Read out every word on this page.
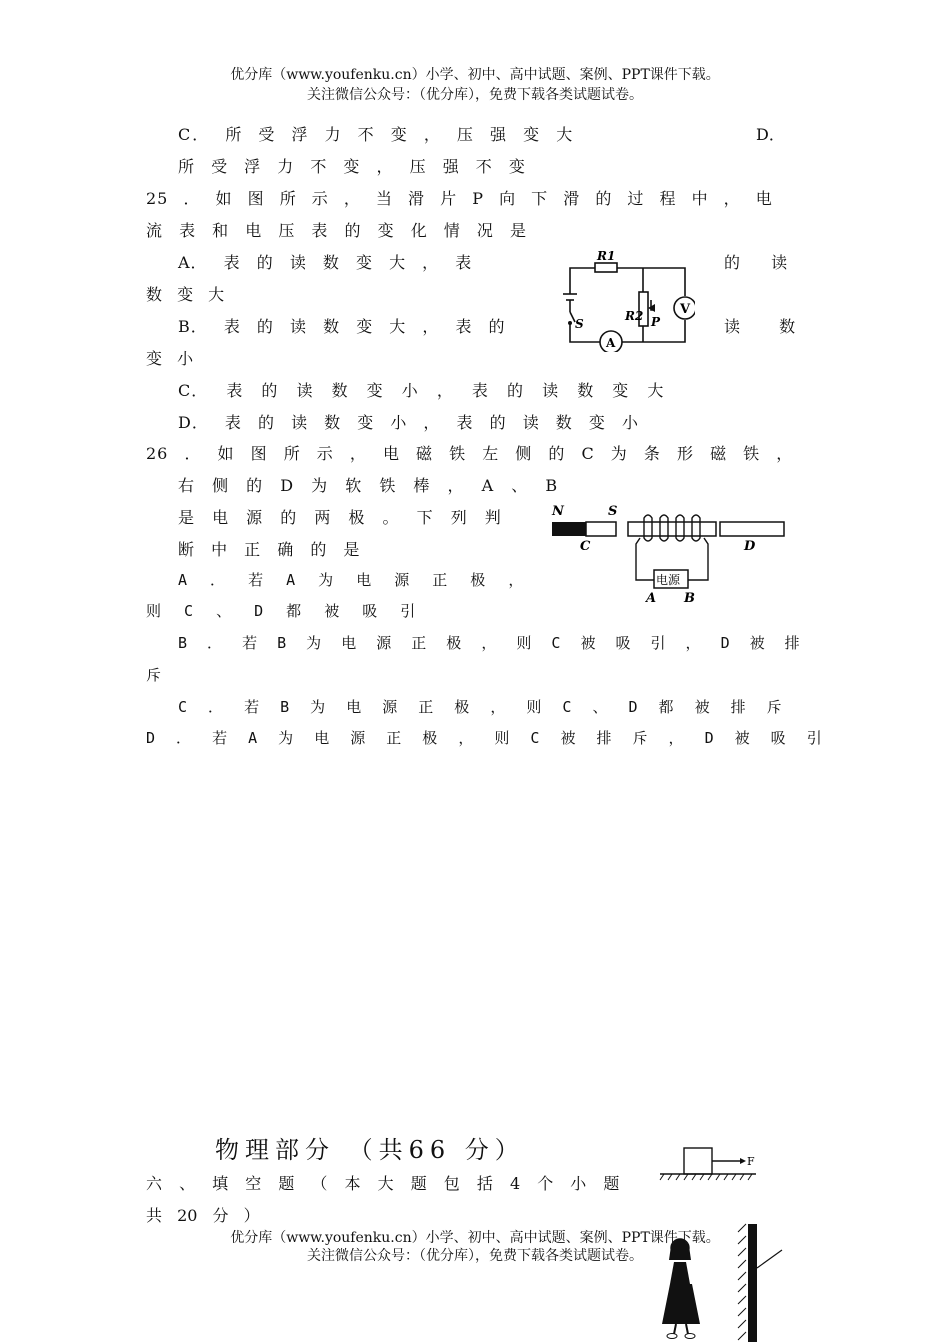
优分库（www.youfenku.cn）小学、初中、高中试题、案例、PPT课件下载。
关注微信公众号：（优分库），免费下载各类试题试卷。
C． 所 受 浮 力 不 变 ， 压 强 变 大	D．
所 受 浮 力 不 变 ， 压 强 不 变
25 ． 如 图 所 示 ， 当 滑 片 P 向 下 滑 的 过 程 中 ， 电
流 表 和 电 压 表 的 变 化 情 况 是
A． 表 的 读 数 变 大 ， 表	的 读
数 变 大
B． 表 的 读 数 变 大 ， 表 的	读 数
变 小
C． 表 的 读 数 变 小 ， 表 的 读 数 变 大
D． 表 的 读 数 变 小 ， 表 的 读 数 变 小
R1
R2 P
S
V
A
26 ． 如 图 所 示 ， 电 磁 铁 左 侧 的 C 为 条 形 磁 铁 ，
右 侧 的 D 为 软 铁 棒 ， A 、 B
是 电 源 的 两 极 。 下 列 判
断 中 正 确 的 是
A ． 若 A 为 电 源 正 极 ，
则 C 、 D 都 被 吸 引
B ． 若 B 为 电 源 正 极 ， 则 C 被 吸 引 ， D 被 排
斥
C ． 若 B 为 电 源 正 极 ， 则 C 、 D 都 被 排 斥
D ． 若 A 为 电 源 正 极 ， 则 C 被 排 斥 ， D 被 吸 引
N	S
C	D
电源
A B
物理部分 （共66 分）
六 、 填 空 题 （ 本 大 题 包 括 4 个 小 题
共 20 分 ）
F
优分库（www.youfenku.cn）小学、初中、高中试题、案例、PPT课件下载。
关注微信公众号：（优分库），免费下载各类试题试卷。
